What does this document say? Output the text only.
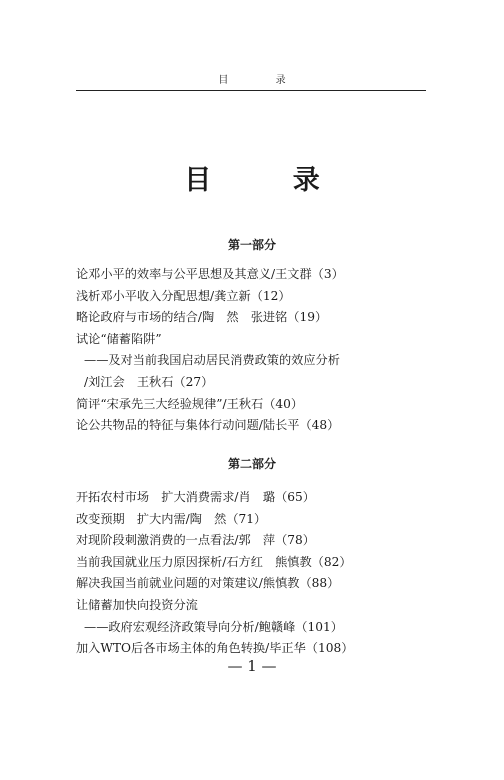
目 录
目 录
第一部分
论邓小平的效率与公平思想及其意义/王文群（3）
浅析邓小平收入分配思想/龚立新（12）
略论政府与市场的结合/陶　然　张进铭（19）
试论“储蓄陷阱”
——及对当前我国启动居民消费政策的效应分析
/刘江会　王秋石（27）
简评“宋承先三大经验规律”/王秋石（40）
论公共物品的特征与集体行动问题/陆长平（48）
第二部分
开拓农村市场　扩大消费需求/肖　璐（65）
改变预期　扩大内需/陶　然（71）
对现阶段刺激消费的一点看法/郭　萍（78）
当前我国就业压力原因探析/石方红　熊慎教（82）
解决我国当前就业问题的对策建议/熊慎教（88）
让储蓄加快向投资分流
——政府宏观经济政策导向分析/鲍赣峰（101）
加入WTO后各市场主体的角色转换/毕正华（108）
— 1 —
